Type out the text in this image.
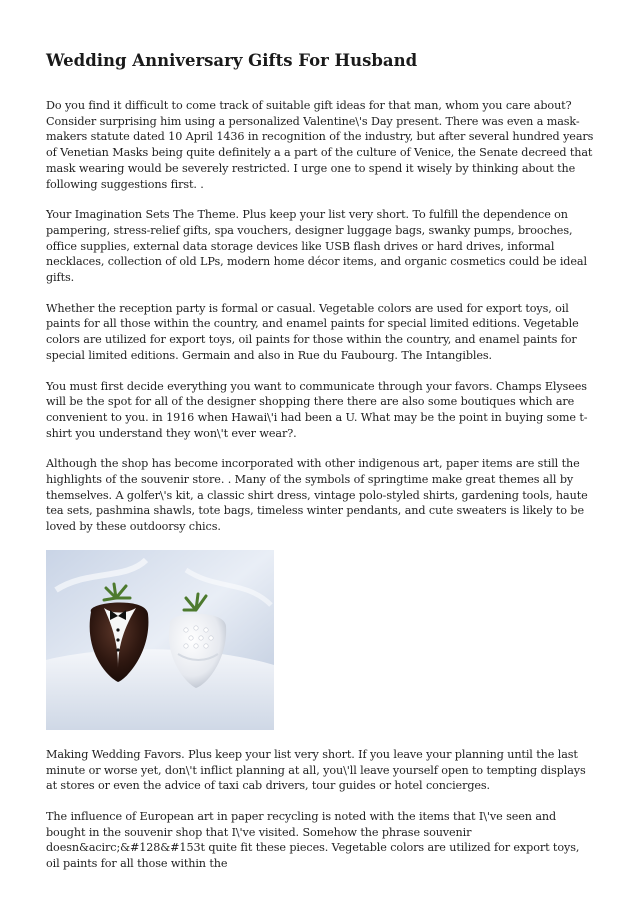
Wedding Anniversary Gifts For Husband

Do you find it difficult to come track of suitable gift ideas for that man, whom you care about? Consider surprising him using a personalized Valentine\'s Day present. There was even a mask-makers statute dated 10 April 1436 in recognition of the industry, but after several hundred years of Venetian Masks being quite definitely a a part of the culture of Venice, the Senate decreed that mask wearing would be severely restricted. I urge one to spend it wisely by thinking about the following suggestions first. .

Your Imagination Sets The Theme. Plus keep your list very short. To fulfill the dependence on pampering, stress-relief gifts, spa vouchers, designer luggage bags, swanky pumps, brooches, office supplies, external data storage devices like USB flash drives or hard drives, informal necklaces, collection of old LPs, modern home décor items, and organic cosmetics could be ideal gifts.

Whether the reception party is formal or casual. Vegetable colors are used for export toys, oil paints for all those within the country, and enamel paints for special limited editions. Vegetable colors are utilized for export toys, oil paints for those within the country, and enamel paints for special limited editions. Germain and also in Rue du Faubourg. The Intangibles.

You must first decide everything you want to communicate through your favors. Champs Elysees will be the spot for all of the designer shopping there there are also some boutiques which are convenient to you. in 1916 when Hawai\'i had been a U. What may be the point in buying some t-shirt you understand they won\'t ever wear?.

Although the shop has become incorporated with other indigenous art, paper items are still the highlights of the souvenir store. . Many of the symbols of springtime make great themes all by themselves. A golfer\'s kit, a classic shirt dress, vintage polo-styled shirts, gardening tools, haute tea sets, pashmina shawls, tote bags, timeless winter pendants, and cute sweaters is likely to be loved by these outdoorsy chics.

Making Wedding Favors. Plus keep your list very short. If you leave your planning until the last minute or worse yet, don\'t inflict planning at all, you\'ll leave yourself open to tempting displays at stores or even the advice of taxi cab drivers, tour guides or hotel concierges.

The influence of European art in paper recycling is noted with the items that I\'ve seen and bought in the souvenir shop that I\'ve visited. Somehow the phrase souvenir doesn&acirc;&#128&#153t quite fit these pieces. Vegetable colors are utilized for export toys, oil paints for all those within the
